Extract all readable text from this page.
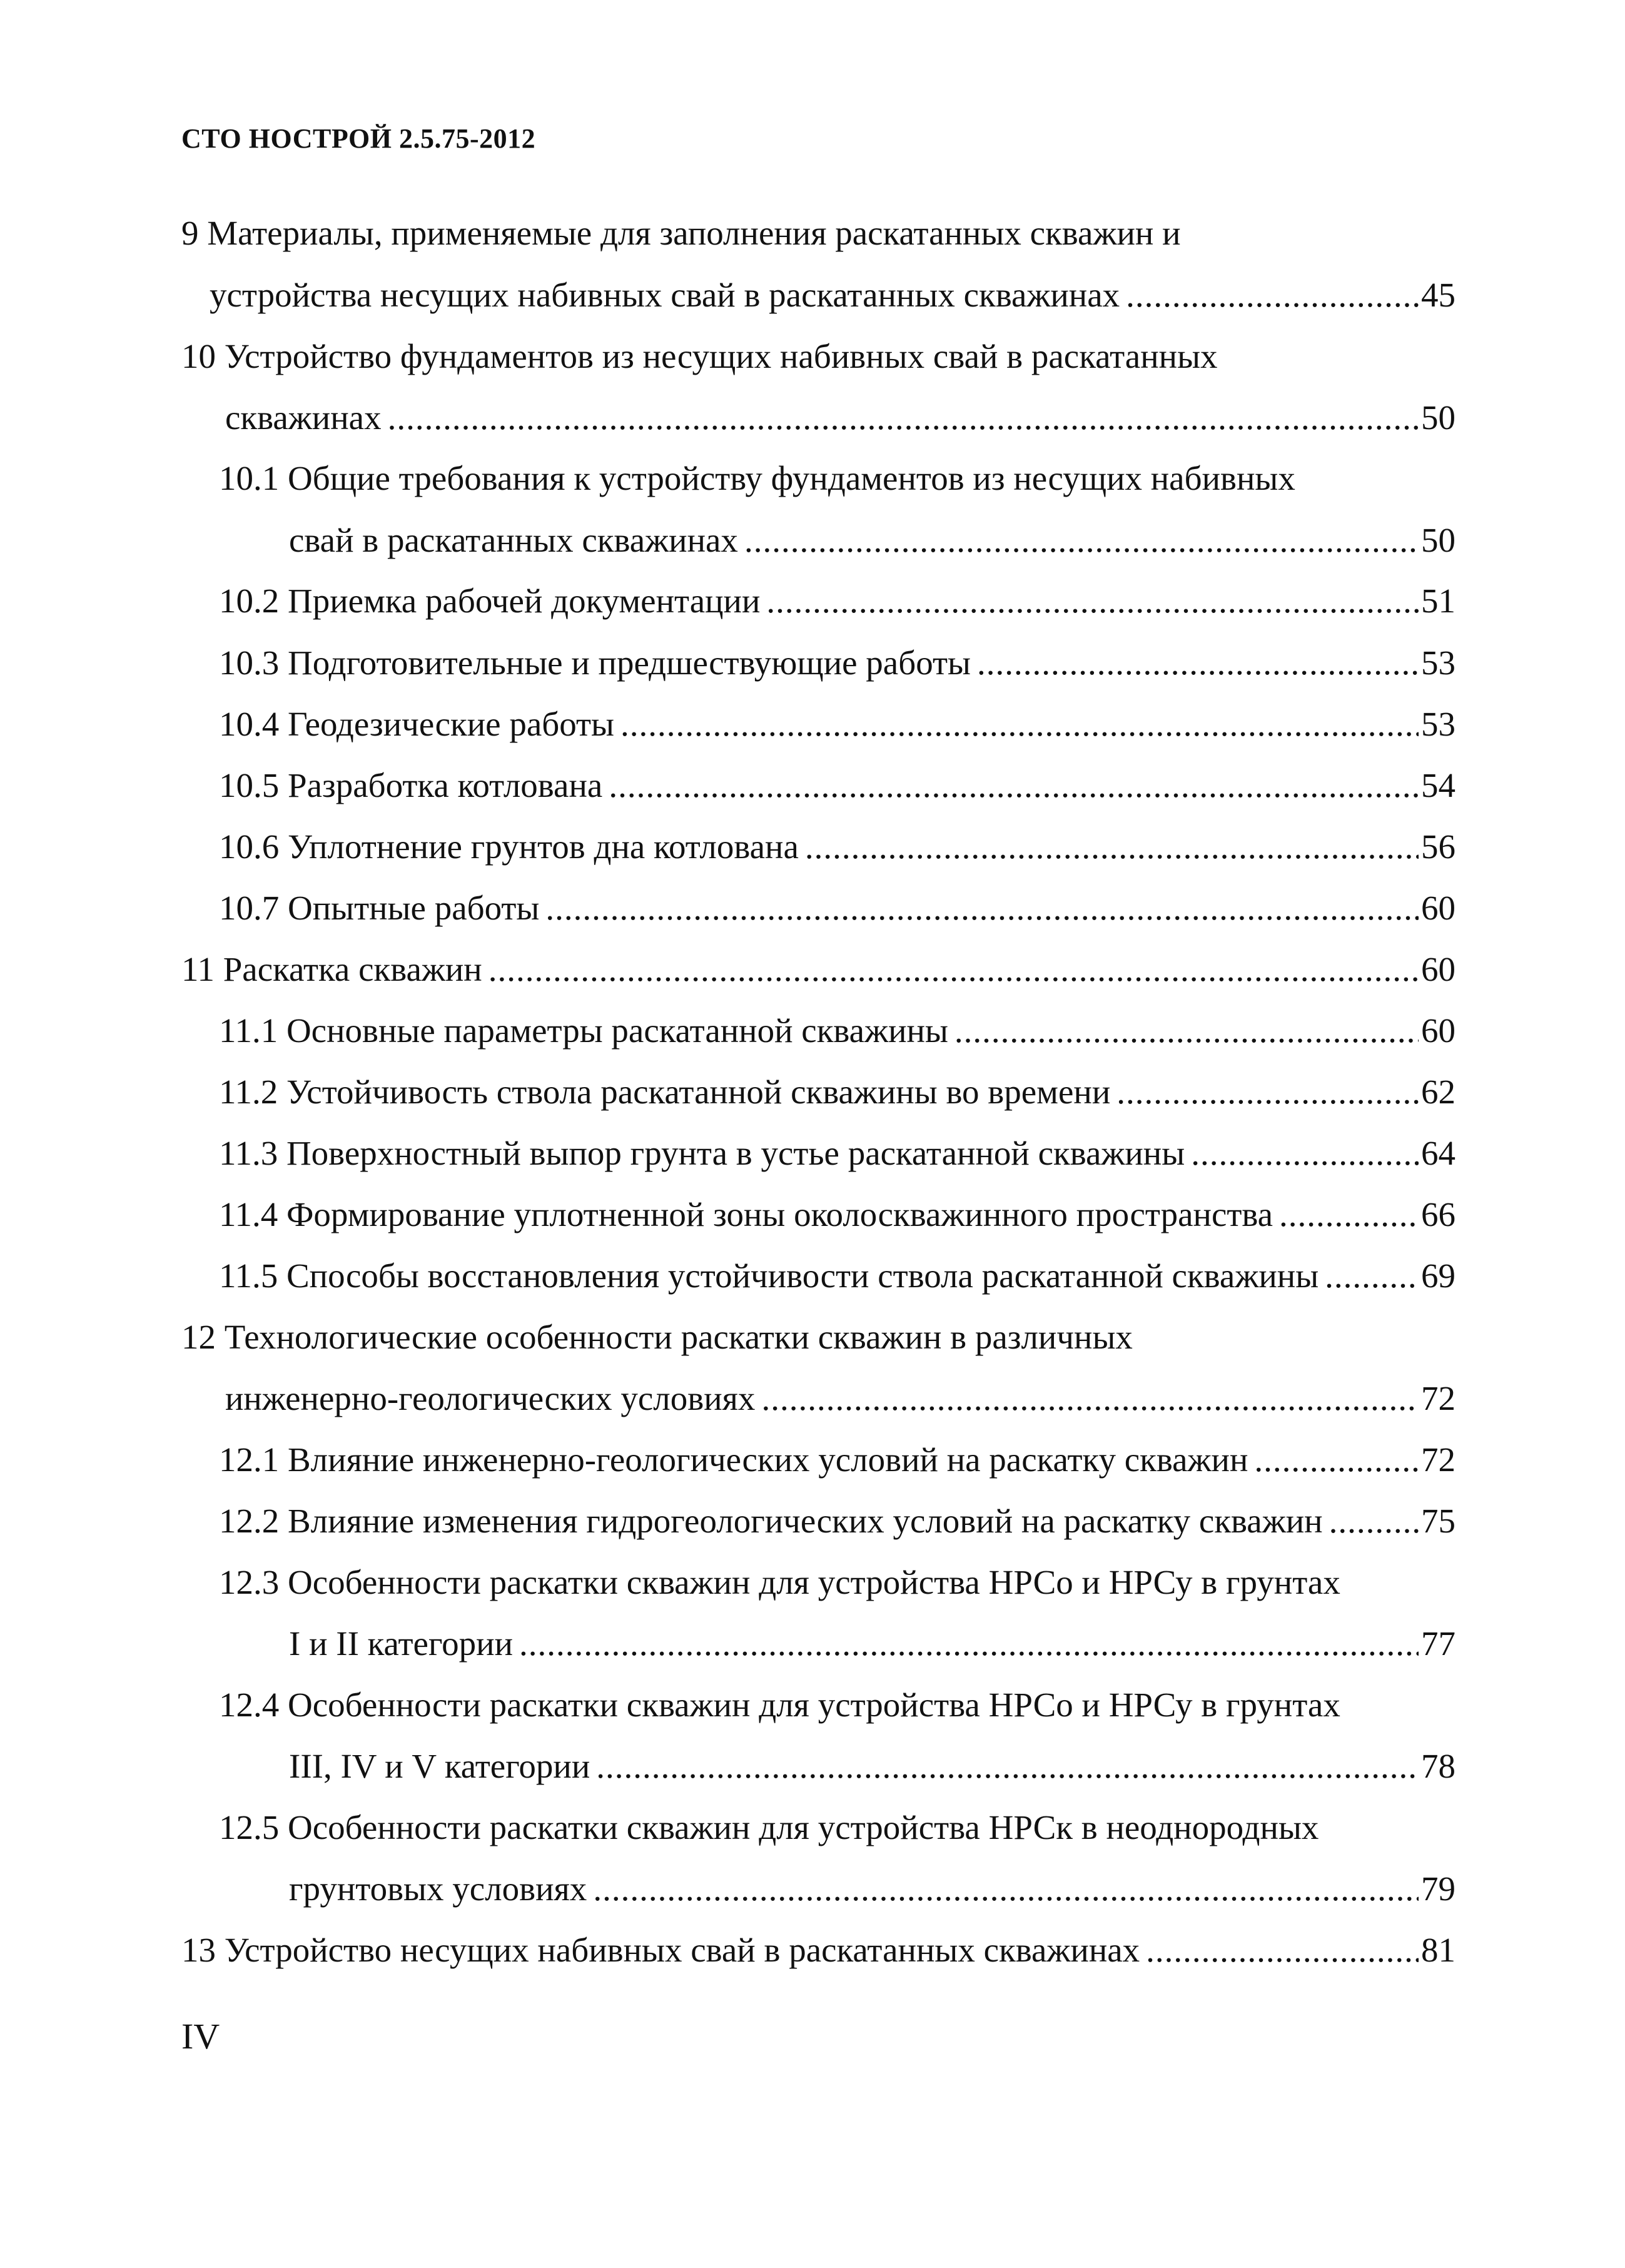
СТО НОСТРОЙ 2.5.75-2012
9 Материалы, применяемые для заполнения раскатанных скважин и
устройства несущих набивных свай в раскатанных скважинах .....	45
10 Устройство фундаментов из несущих набивных свай в раскатанных
скважинах .....	50
10.1 Общие требования к устройству фундаментов из несущих набивных
свай в раскатанных скважинах .....	50
10.2 Приемка рабочей документации .....	51
10.3 Подготовительные и предшествующие работы .....	53
10.4 Геодезические работы .....	53
10.5 Разработка котлована .....	54
10.6 Уплотнение грунтов дна котлована .....	56
10.7 Опытные работы .....	60
11 Раскатка скважин .....	60
11.1 Основные параметры раскатанной скважины .....	60
11.2 Устойчивость ствола раскатанной скважины во времени .....	62
11.3 Поверхностный выпор грунта в устье раскатанной скважины .....	64
11.4 Формирование уплотненной зоны околоскважинного пространства .....	66
11.5 Способы восстановления устойчивости ствола раскатанной скважины .....	69
12 Технологические особенности раскатки скважин в различных
инженерно-геологических условиях .....	72
12.1 Влияние инженерно-геологических условий на раскатку скважин .....	72
12.2 Влияние изменения гидрогеологических условий на раскатку скважин .....	75
12.3 Особенности раскатки скважин для устройства НРСо и НРСу в грунтах
I и II категории .....	77
12.4 Особенности раскатки скважин для устройства НРСо и НРСу в грунтах
III, IV и V категории .....	78
12.5 Особенности раскатки скважин для устройства НРСк в неоднородных
грунтовых условиях .....	79
13 Устройство несущих набивных свай в раскатанных скважинах .....	81
IV
